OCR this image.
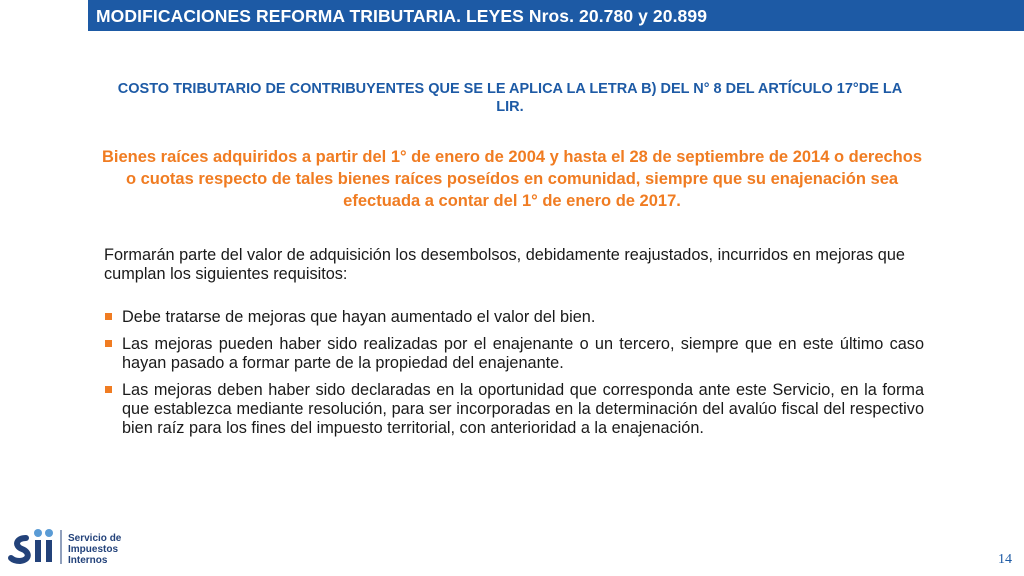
MODIFICACIONES REFORMA TRIBUTARIA. LEYES Nros. 20.780 y 20.899
COSTO TRIBUTARIO DE CONTRIBUYENTES QUE SE LE APLICA LA LETRA B) DEL N° 8 DEL ARTÍCULO 17°DE LA LIR.
Bienes raíces adquiridos a partir del 1° de enero de 2004 y hasta el 28 de septiembre de 2014 o derechos o cuotas respecto de tales bienes raíces poseídos en comunidad, siempre que su enajenación sea efectuada a contar del 1° de enero de 2017.
Formarán parte del valor de adquisición los desembolsos, debidamente reajustados, incurridos en mejoras que cumplan los siguientes requisitos:
Debe tratarse de mejoras que hayan aumentado el valor del bien.
Las mejoras pueden haber sido realizadas por el enajenante o un tercero, siempre que en este último caso hayan pasado a formar parte de la propiedad del enajenante.
Las mejoras deben haber sido declaradas en la oportunidad que corresponda ante este Servicio, en la forma que establezca mediante resolución, para ser incorporadas en la determinación del avalúo fiscal del respectivo bien raíz para los fines del impuesto territorial, con anterioridad a la enajenación.
Servicio de
Impuestos
Internos	14
